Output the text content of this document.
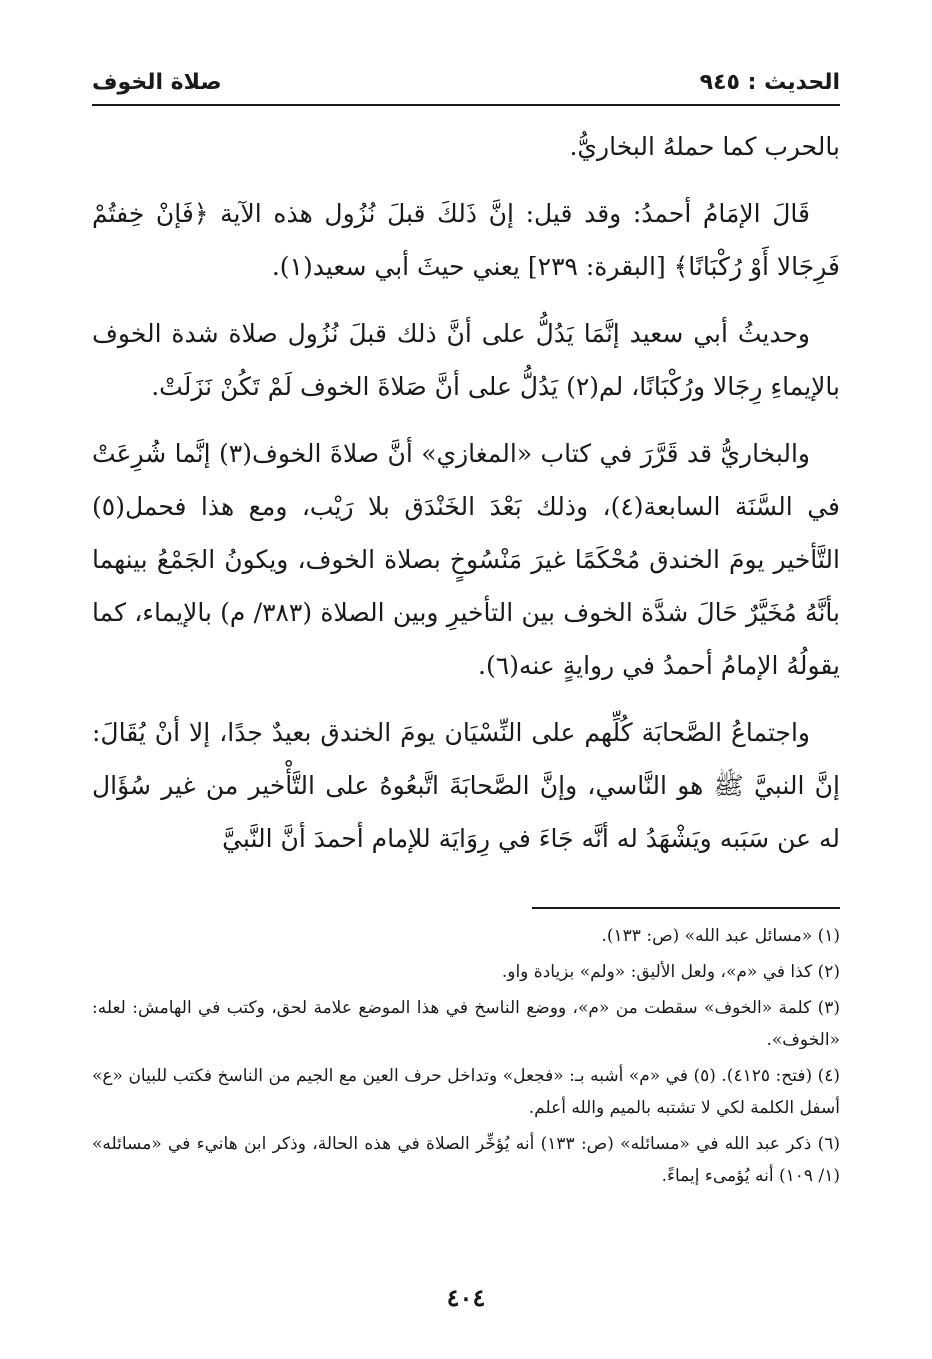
الحديث : ٩٤٥
صلاة الخوف

بالحرب كما حملهُ البخاريُّ.

قَالَ الإمَامُ أحمدُ: وقد قيل: إنَّ ذَلكَ قبلَ نُزُول هذه الآية ﴿فَإنْ خِفتُمْ فَرِجَالا أَوْ رُكْبَانًا﴾ [البقرة: ٢٣٩] يعني حيثَ أبي سعيد(١).

وحديثُ أبي سعيد إنَّمَا يَدُلُّ على أنَّ ذلك قبلَ نُزُول صلاة شدة الخوف بالإيماءِ رِجَالا ورُكْبَانًا، لم(٢) يَدُلُّ على أنَّ صَلاةَ الخوف لَمْ تَكُنْ نَزَلَتْ.

والبخاريُّ قد قَرَّرَ في كتاب «المغازي» أنَّ صلاةَ الخوف(٣) إنَّما شُرِعَتْ في السَّنَة السابعة(٤)، وذلك بَعْدَ الخَنْدَق بلا رَيْب، ومع هذا فحمل(٥) التَّأخير يومَ الخندق مُحْكَمًا غيرَ مَنْسُوخٍ بصلاة الخوف، ويكونُ الجَمْعُ بينهما بأنَّهُ مُخَيَّرٌ حَالَ شدَّة الخوف بين التأخيرِ وبين الصلاة (٣٨٣/ م) بالإيماء، كما يقولُهُ الإمامُ أحمدُ في روايةٍ عنه(٦).

واجتماعُ الصَّحابَة كُلِّهم على النِّسْيَان يومَ الخندق بعيدٌ جدًا، إلا أنْ يُقَالَ: إنَّ النبيَّ ﷺ هو النَّاسي، وإنَّ الصَّحابَةَ اتَّبعُوهُ على التَّأْخير من غير سُؤَال له عن سَبَبه ويَشْهَدُ له أنَّه جَاءَ في رِوَايَة للإمام أحمدَ أنَّ النَّبيَّ

(١) «مسائل عبد الله» (ص: ١٣٣).

(٢) كذا في «م»، ولعل الأليق: «ولم» بزيادة واو.

(٣) كلمة «الخوف» سقطت من «م»، ووضع الناسخ في هذا الموضع علامة لحق، وكتب في الهامش: لعله: «الخوف».

(٤) (فتح: ٤١٢٥). (٥) في «م» أشبه بـ: «فجعل» وتداخل حرف العين مع الجيم من الناسخ فكتب للبيان «ع» أسفل الكلمة لكي لا تشتبه بالميم والله أعلم.

(٦) ذكر عبد الله في «مسائله» (ص: ١٣٣) أنه يُؤخِّر الصلاة في هذه الحالة، وذكر ابن هانيء في «مسائله» (١/ ١٠٩) أنه يُؤمىء إيماءً.

٤٠٤
